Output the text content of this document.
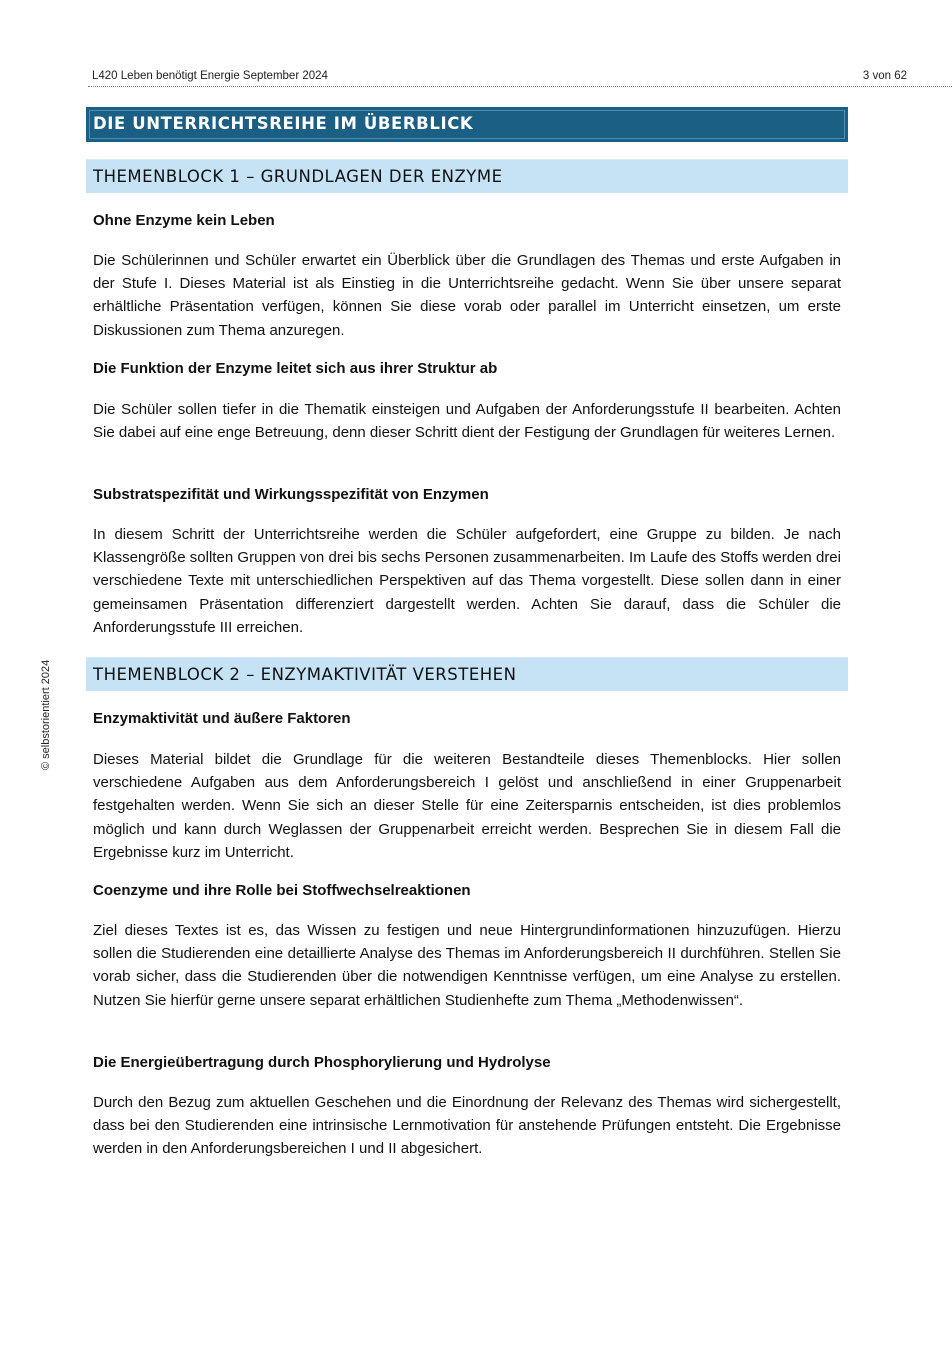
L420 Leben benötigt Energie September 2024	3 von 62
© selbstorientiert 2024
DIE UNTERRICHTSREIHE IM ÜBERBLICK
THEMENBLOCK 1 – GRUNDLAGEN DER ENZYME
Ohne Enzyme kein Leben
Die Schülerinnen und Schüler erwartet ein Überblick über die Grundlagen des Themas und erste Aufgaben in der Stufe I. Dieses Material ist als Einstieg in die Unterrichtsreihe gedacht. Wenn Sie über unsere separat erhältliche Präsentation verfügen, können Sie diese vorab oder parallel im Unterricht einsetzen, um erste Diskussionen zum Thema anzuregen.
Die Funktion der Enzyme leitet sich aus ihrer Struktur ab
Die Schüler sollen tiefer in die Thematik einsteigen und Aufgaben der Anforderungsstufe II bearbeiten. Achten Sie dabei auf eine enge Betreuung, denn dieser Schritt dient der Festigung der Grundlagen für weiteres Lernen.
Substratspezifität und Wirkungsspezifität von Enzymen
In diesem Schritt der Unterrichtsreihe werden die Schüler aufgefordert, eine Gruppe zu bilden. Je nach Klassengröße sollten Gruppen von drei bis sechs Personen zusammenarbeiten. Im Laufe des Stoffs werden drei verschiedene Texte mit unterschiedlichen Perspektiven auf das Thema vorgestellt. Diese sollen dann in einer gemeinsamen Präsentation differenziert dargestellt werden. Achten Sie darauf, dass die Schüler die Anforderungsstufe III erreichen.
THEMENBLOCK 2 – ENZYMAKTIVITÄT VERSTEHEN
Enzymaktivität und äußere Faktoren
Dieses Material bildet die Grundlage für die weiteren Bestandteile dieses Themenblocks. Hier sollen verschiedene Aufgaben aus dem Anforderungsbereich I gelöst und anschließend in einer Gruppenarbeit festgehalten werden. Wenn Sie sich an dieser Stelle für eine Zeitersparnis entscheiden, ist dies problemlos möglich und kann durch Weglassen der Gruppenarbeit erreicht werden. Besprechen Sie in diesem Fall die Ergebnisse kurz im Unterricht.
Coenzyme und ihre Rolle bei Stoffwechselreaktionen
Ziel dieses Textes ist es, das Wissen zu festigen und neue Hintergrundinformationen hinzuzufügen. Hierzu sollen die Studierenden eine detaillierte Analyse des Themas im Anforderungsbereich II durchführen. Stellen Sie vorab sicher, dass die Studierenden über die notwendigen Kenntnisse verfügen, um eine Analyse zu erstellen. Nutzen Sie hierfür gerne unsere separat erhältlichen Studienhefte zum Thema „Methodenwissen“.
Die Energieübertragung durch Phosphorylierung und Hydrolyse
Durch den Bezug zum aktuellen Geschehen und die Einordnung der Relevanz des Themas wird sichergestellt, dass bei den Studierenden eine intrinsische Lernmotivation für anstehende Prüfungen entsteht. Die Ergebnisse werden in den Anforderungsbereichen I und II abgesichert.
